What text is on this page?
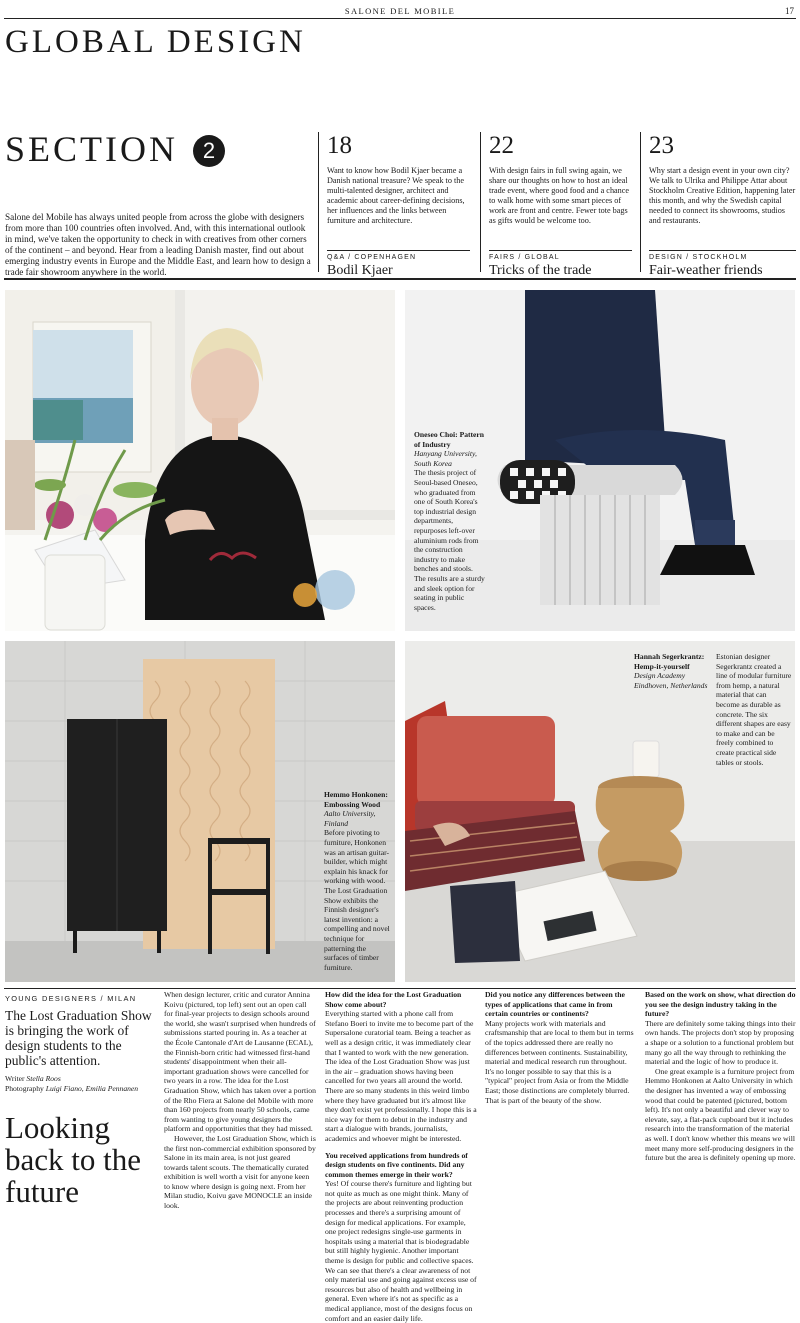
SALONE DEL MOBILE	17
GLOBAL DESIGN
SECTION	2

Salone del Mobile has always united people from across the globe with designers from more than 100 countries often involved. And, with this international outlook in mind, we've taken the opportunity to check in with creatives from other corners of the continent – and beyond. Hear from a leading Danish master, find out about emerging industry events in Europe and the Middle East, and learn how to design a trade fair showroom anywhere in the world.

18
Want to know how Bodil Kjaer became a Danish national treasure? We speak to the multi-talented designer, architect and academic about career-defining decisions, her influences and the links between furniture and architecture.
Q&A / COPENHAGEN
Bodil Kjaer
22
With design fairs in full swing again, we share our thoughts on how to host an ideal trade event, where good food and a chance to walk home with some smart pieces of work are front and centre. Fewer tote bags as gifts would be welcome too.
FAIRS / GLOBAL
Tricks of the trade
23
Why start a design event in your own city? We talk to Ulrika and Philippe Attar about Stockholm Creative Edition, happening later this month, and why the Swedish capital needed to connect its showrooms, studios and restaurants.
DESIGN / STOCKHOLM
Fair-weather friends
Oneseo Choi: Pattern of Industry
Hanyang University, South Korea
The thesis project of Seoul-based Oneseo, who graduated from one of South Korea's top industrial design departments, repurposes left-over aluminium rods from the construction industry to make benches and stools. The results are a sturdy and sleek option for seating in public spaces.
Hemmo Honkonen: Embossing Wood
Aalto University, Finland
Before pivoting to furniture, Honkonen was an artisan guitar-builder, which might explain his knack for working with wood. The Lost Graduation Show exhibits the Finnish designer's latest invention: a compelling and novel technique for patterning the surfaces of timber furniture.
Hannah Segerkrantz: Hemp-it-yourself
Design Academy Eindhoven, Netherlands
Estonian designer Segerkrantz created a line of modular furniture from hemp, a natural material that can become as durable as concrete. The six different shapes are easy to make and can be freely combined to create practical side tables or stools.
YOUNG DESIGNERS / MILAN
The Lost Graduation Show is bringing the work of design students to the public's attention.
Writer Stella Roos
Photography Luigi Fiano, Emilia Pennanen
Looking back to the future

When design lecturer, critic and curator Annina Koivu (pictured, top left) sent out an open call for final-year projects to design schools around the world, she wasn't surprised when hundreds of submissions started pouring in. As a teacher at the École Cantonale d'Art de Lausanne (ECAL), the Finnish-born critic had witnessed first-hand students' disappointment when their all-important graduation shows were cancelled for two years in a row. The idea for the Lost Graduation Show, which has taken over a portion of the Rho Fiera at Salone del Mobile with more than 160 projects from nearly 50 schools, came from wanting to give young designers the platform and opportunities that they had missed.

However, the Lost Graduation Show, which is the first non-commercial exhibition sponsored by Salone in its main area, is not just geared towards talent scouts. The thematically curated exhibition is well worth a visit for anyone keen to know where design is going next. From her Milan studio, Koivu gave MONOCLE an inside look.

How did the idea for the Lost Graduation Show come about?

Everything started with a phone call from Stefano Boeri to invite me to become part of the Supersalone curatorial team. Being a teacher as well as a design critic, it was immediately clear that I wanted to work with the new generation. The idea of the Lost Graduation Show was just in the air – graduation shows having been cancelled for two years all around the world. There are so many students in this weird limbo where they have graduated but it's almost like they don't exist yet professionally. I hope this is a nice way for them to debut in the industry and start a dialogue with brands, journalists, academics and whoever might be interested.

You received applications from hundreds of design students on five continents. Did any common themes emerge in their work?

Yes! Of course there's furniture and lighting but not quite as much as one might think. Many of the projects are about reinventing production processes and there's a surprising amount of design for medical applications. For example, one project redesigns single-use garments in hospitals using a material that is biodegradable but still highly hygienic. Another important theme is design for public and collective spaces. We can see that there's a clear awareness of not only material use and going against excess use of resources but also of health and wellbeing in general. Even where it's not as specific as a medical appliance, most of the designs focus on comfort and an easier daily life.

Did you notice any differences between the types of applications that came in from certain countries or continents?

Many projects work with materials and craftsmanship that are local to them but in terms of the topics addressed there are really no differences between continents. Sustainability, material and medical research run throughout. It's no longer possible to say that this is a "typical" project from Asia or from the Middle East; those distinctions are completely blurred. That is part of the beauty of the show.

Based on the work on show, what direction do you see the design industry taking in the future?

There are definitely some taking things into their own hands. The projects don't stop by proposing a shape or a solution to a functional problem but many go all the way through to rethinking the material and the logic of how to produce it.

One great example is a furniture project from Hemmo Honkonen at Aalto University in which the designer has invented a way of embossing wood that could be patented (pictured, bottom left). It's not only a beautiful and clever way to elevate, say, a flat-pack cupboard but it includes research into the transformation of the material as well. I don't know whether this means we will meet many more self-producing designers in the future but the area is definitely opening up more.
